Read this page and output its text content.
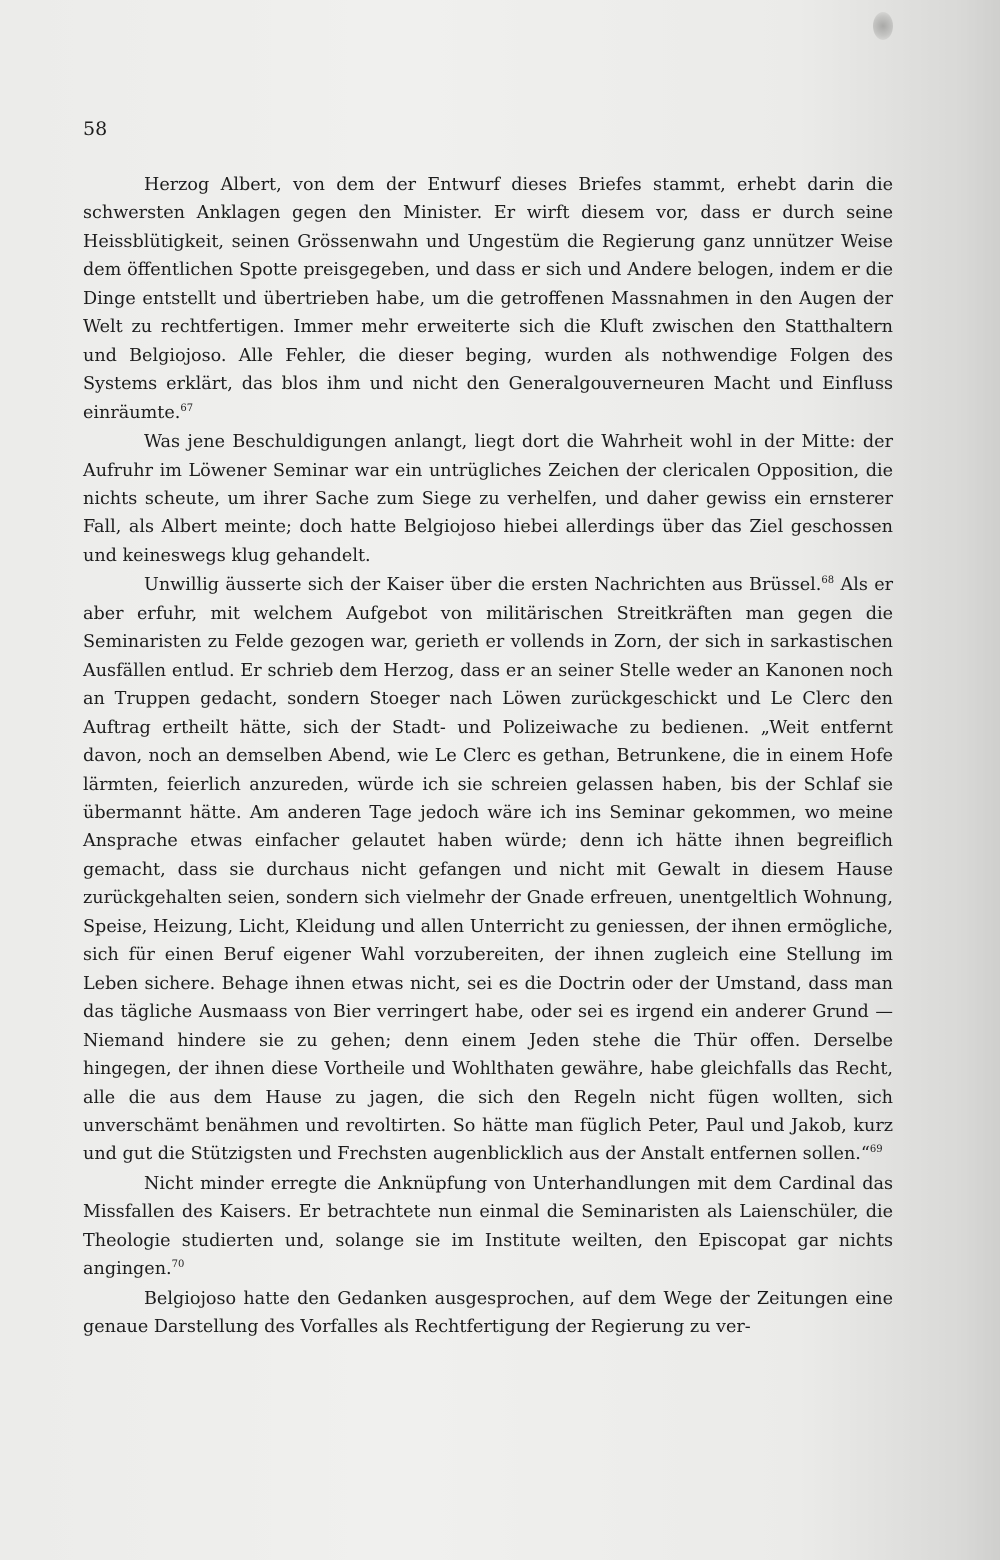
58

Herzog Albert, von dem der Entwurf dieses Briefes stammt, erhebt darin die schwersten Anklagen gegen den Minister. Er wirft diesem vor, dass er durch seine Heissblütigkeit, seinen Grössenwahn und Ungestüm die Regierung ganz unnützer Weise dem öffentlichen Spotte preisgegeben, und dass er sich und Andere belogen, indem er die Dinge entstellt und übertrieben habe, um die getroffenen Massnahmen in den Augen der Welt zu rechtfertigen. Immer mehr erweiterte sich die Kluft zwischen den Statthaltern und Belgiojoso. Alle Fehler, die dieser beging, wurden als nothwendige Folgen des Systems erklärt, das blos ihm und nicht den Generalgouverneuren Macht und Einfluss einräumte.$^{67}$

Was jene Beschuldigungen anlangt, liegt dort die Wahrheit wohl in der Mitte: der Aufruhr im Löwener Seminar war ein untrügliches Zeichen der clericalen Opposition, die nichts scheute, um ihrer Sache zum Siege zu verhelfen, und daher gewiss ein ernsterer Fall, als Albert meinte; doch hatte Belgiojoso hiebei allerdings über das Ziel geschossen und keineswegs klug gehandelt.

Unwillig äusserte sich der Kaiser über die ersten Nachrichten aus Brüssel.$^{68}$ Als er aber erfuhr, mit welchem Aufgebot von militärischen Streitkräften man gegen die Seminaristen zu Felde gezogen war, gerieth er vollends in Zorn, der sich in sarkastischen Ausfällen entlud. Er schrieb dem Herzog, dass er an seiner Stelle weder an Kanonen noch an Truppen gedacht, sondern Stoeger nach Löwen zurückgeschickt und Le Clerc den Auftrag ertheilt hätte, sich der Stadt- und Polizeiwache zu bedienen. „Weit entfernt davon, noch an demselben Abend, wie Le Clerc es gethan, Betrunkene, die in einem Hofe lärmten, feierlich anzureden, würde ich sie schreien gelassen haben, bis der Schlaf sie übermannt hätte. Am anderen Tage jedoch wäre ich ins Seminar gekommen, wo meine Ansprache etwas einfacher gelautet haben würde; denn ich hätte ihnen begreiflich gemacht, dass sie durchaus nicht gefangen und nicht mit Gewalt in diesem Hause zurückgehalten seien, sondern sich vielmehr der Gnade erfreuen, unentgeltlich Wohnung, Speise, Heizung, Licht, Kleidung und allen Unterricht zu geniessen, der ihnen ermögliche, sich für einen Beruf eigener Wahl vorzubereiten, der ihnen zugleich eine Stellung im Leben sichere. Behage ihnen etwas nicht, sei es die Doctrin oder der Umstand, dass man das tägliche Ausmaass von Bier verringert habe, oder sei es irgend ein anderer Grund — Niemand hindere sie zu gehen; denn einem Jeden stehe die Thür offen. Derselbe hingegen, der ihnen diese Vortheile und Wohlthaten gewähre, habe gleichfalls das Recht, alle die aus dem Hause zu jagen, die sich den Regeln nicht fügen wollten, sich unverschämt benähmen und revoltirten. So hätte man füglich Peter, Paul und Jakob, kurz und gut die Stützigsten und Frechsten augenblicklich aus der Anstalt entfernen sollen.“$^{69}$

Nicht minder erregte die Anknüpfung von Unterhandlungen mit dem Cardinal das Missfallen des Kaisers. Er betrachtete nun einmal die Seminaristen als Laienschüler, die Theologie studierten und, solange sie im Institute weilten, den Episcopat gar nichts angingen.$^{70}$

Belgiojoso hatte den Gedanken ausgesprochen, auf dem Wege der Zeitungen eine genaue Darstellung des Vorfalles als Rechtfertigung der Regierung zu ver-
